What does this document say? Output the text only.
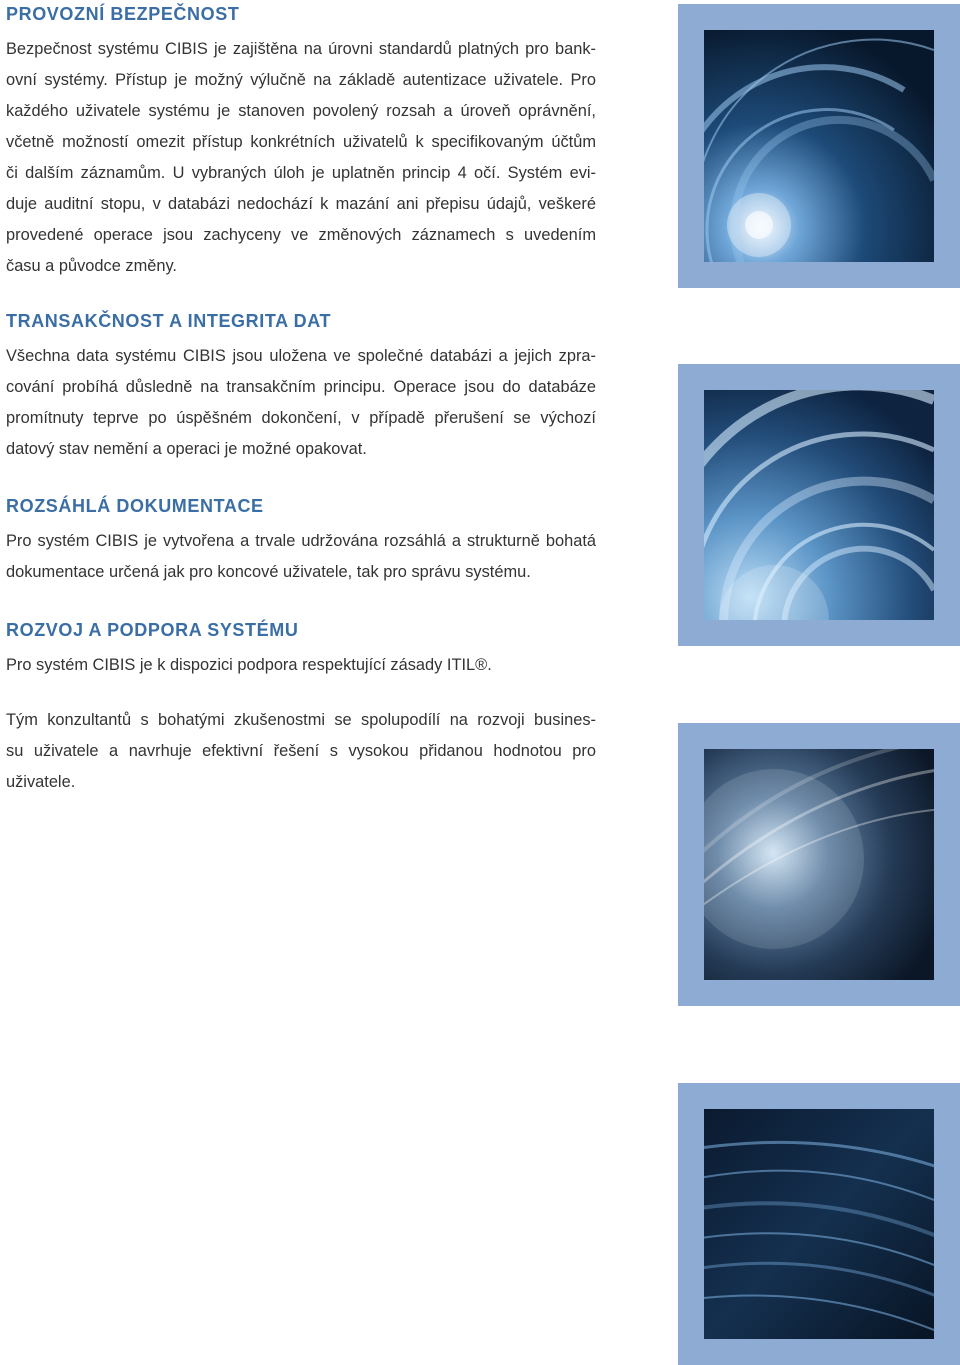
PROVOZNÍ BEZPEČNOST

Bezpečnost systému CIBIS je zajištěna na úrovni standardů platných pro bank-
ovní systémy. Přístup je možný výlučně na základě autentizace uživatele. Pro
každého uživatele systému je stanoven povolený rozsah a úroveň oprávnění,
včetně možností omezit přístup konkrétních uživatelů k specifikovaným účtům
či dalším záznamům. U vybraných úloh je uplatněn princip 4 očí. Systém evi-
duje auditní stopu, v databázi nedochází k mazání ani přepisu údajů, veškeré
provedené operace jsou zachyceny ve změnových záznamech s uvedením
času a původce změny.

TRANSAKČNOST A INTEGRITA DAT

Všechna data systému CIBIS jsou uložena ve společné databázi a jejich zpra-
cování probíhá důsledně na transakčním principu. Operace jsou do databáze
promítnuty teprve po úspěšném dokončení, v případě přerušení se výchozí
datový stav nemění a operaci je možné opakovat.

ROZSÁHLÁ DOKUMENTACE

Pro systém CIBIS je vytvořena a trvale udržována rozsáhlá a strukturně bohatá
dokumentace určená jak pro koncové uživatele, tak pro správu systému.

ROZVOJ A PODPORA SYSTÉMU

Pro systém CIBIS je k dispozici podpora respektující zásady ITIL®.

Tým konzultantů s bohatými zkušenostmi se spolupodílí na rozvoji busines-
su uživatele a navrhuje efektivní řešení s vysokou přidanou hodnotou pro
uživatele.
